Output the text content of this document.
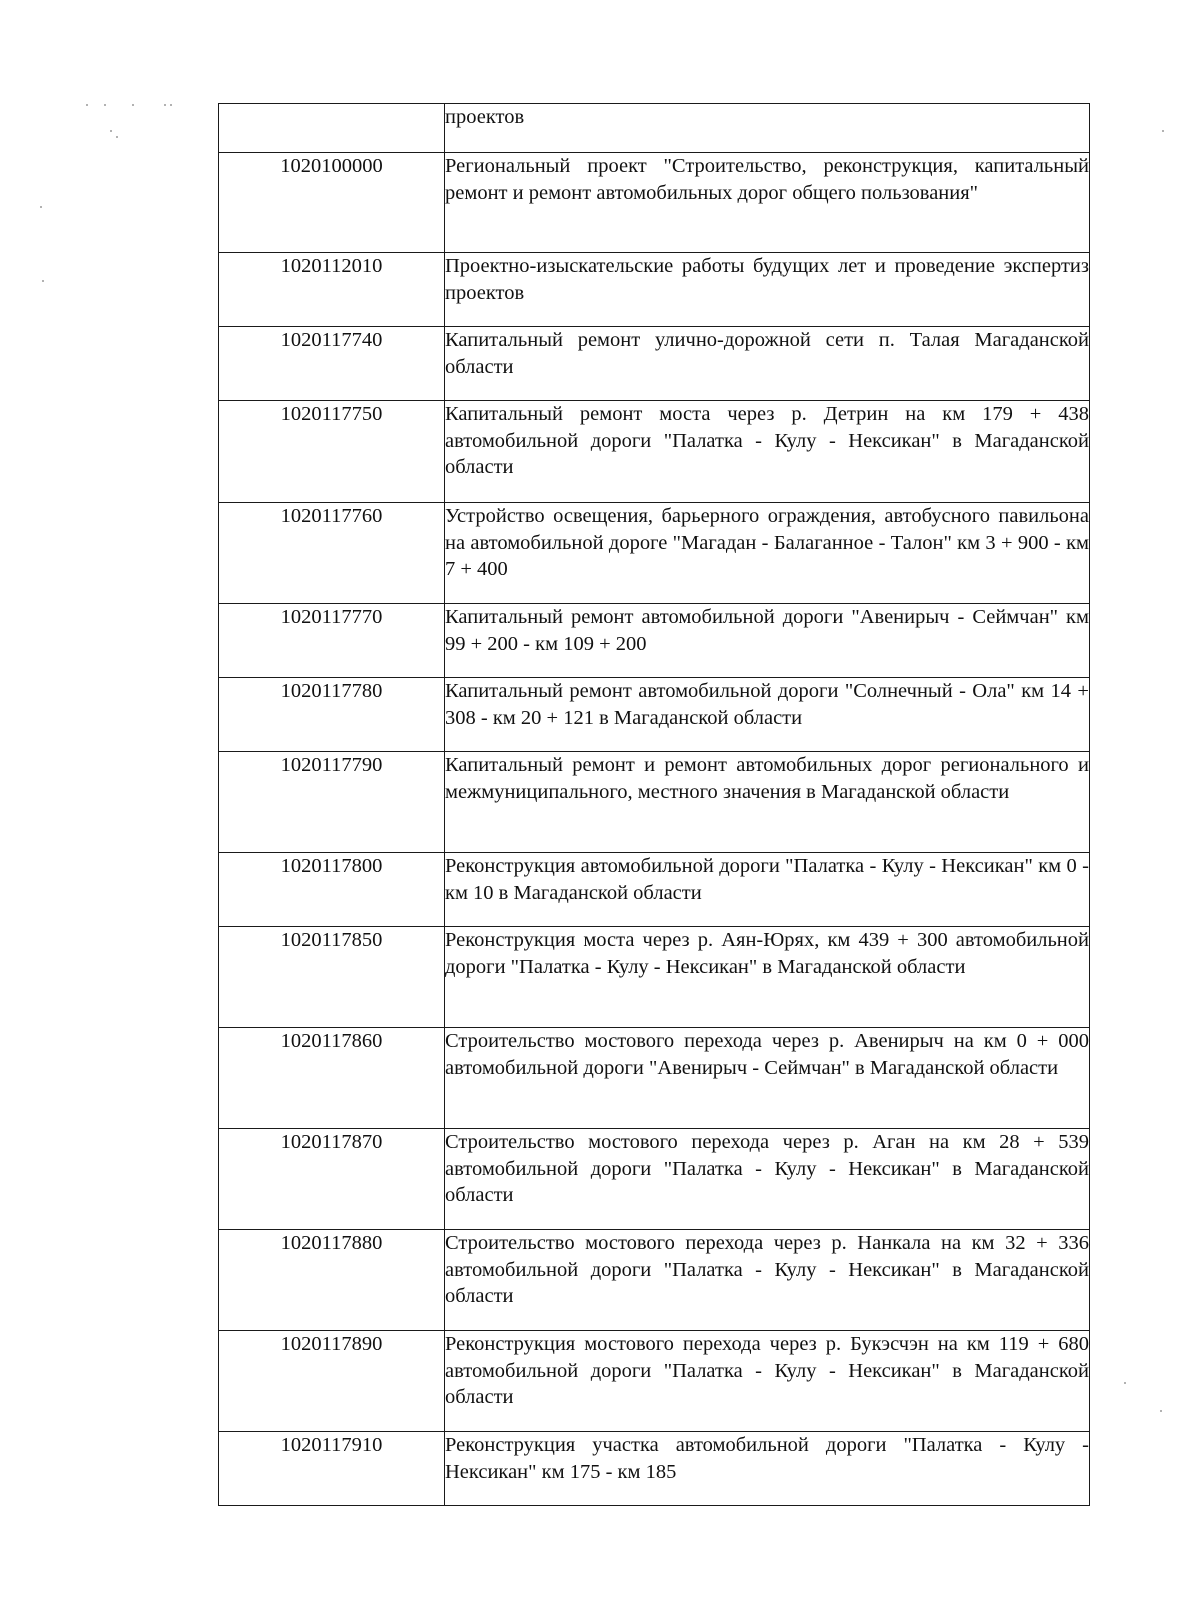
	проектов
1020100000	Региональный проект "Строительство, реконструкция, капитальный ремонт и ремонт автомобильных дорог общего пользования"
1020112010	Проектно-изыскательские работы будущих лет и проведение экспертиз проектов
1020117740	Капитальный ремонт улично-дорожной сети п. Талая Магаданской области
1020117750	Капитальный ремонт моста через р. Детрин на км 179 + 438 автомобильной дороги "Палатка - Кулу - Нексикан" в Магаданской области
1020117760	Устройство освещения, барьерного ограждения, автобусного павильона на автомобильной дороге "Магадан - Балаганное - Талон" км 3 + 900 - км 7 + 400
1020117770	Капитальный ремонт автомобильной дороги "Авенирыч - Сеймчан" км 99 + 200 - км 109 + 200
1020117780	Капитальный ремонт автомобильной дороги "Солнечный - Ола" км 14 + 308 - км 20 + 121 в Магаданской области
1020117790	Капитальный ремонт и ремонт автомобильных дорог регионального и межмуниципального, местного значения в Магаданской области
1020117800	Реконструкция автомобильной дороги "Палатка - Кулу - Нексикан" км 0 - км 10 в Магаданской области
1020117850	Реконструкция моста через р. Аян-Юрях, км 439 + 300 автомобильной дороги "Палатка - Кулу - Нексикан" в Магаданской области
1020117860	Строительство мостового перехода через р. Авенирыч на км 0 + 000 автомобильной дороги "Авенирыч - Сеймчан" в Магаданской области
1020117870	Строительство мостового перехода через р. Аган на км 28 + 539 автомобильной дороги "Палатка - Кулу - Нексикан" в Магаданской области
1020117880	Строительство мостового перехода через р. Нанкала на км 32 + 336 автомобильной дороги "Палатка - Кулу - Нексикан" в Магаданской области
1020117890	Реконструкция мостового перехода через р. Букэсчэн на км 119 + 680 автомобильной дороги "Палатка - Кулу - Нексикан" в Магаданской области
1020117910	Реконструкция участка автомобильной дороги "Палатка - Кулу - Нексикан" км 175 - км 185
